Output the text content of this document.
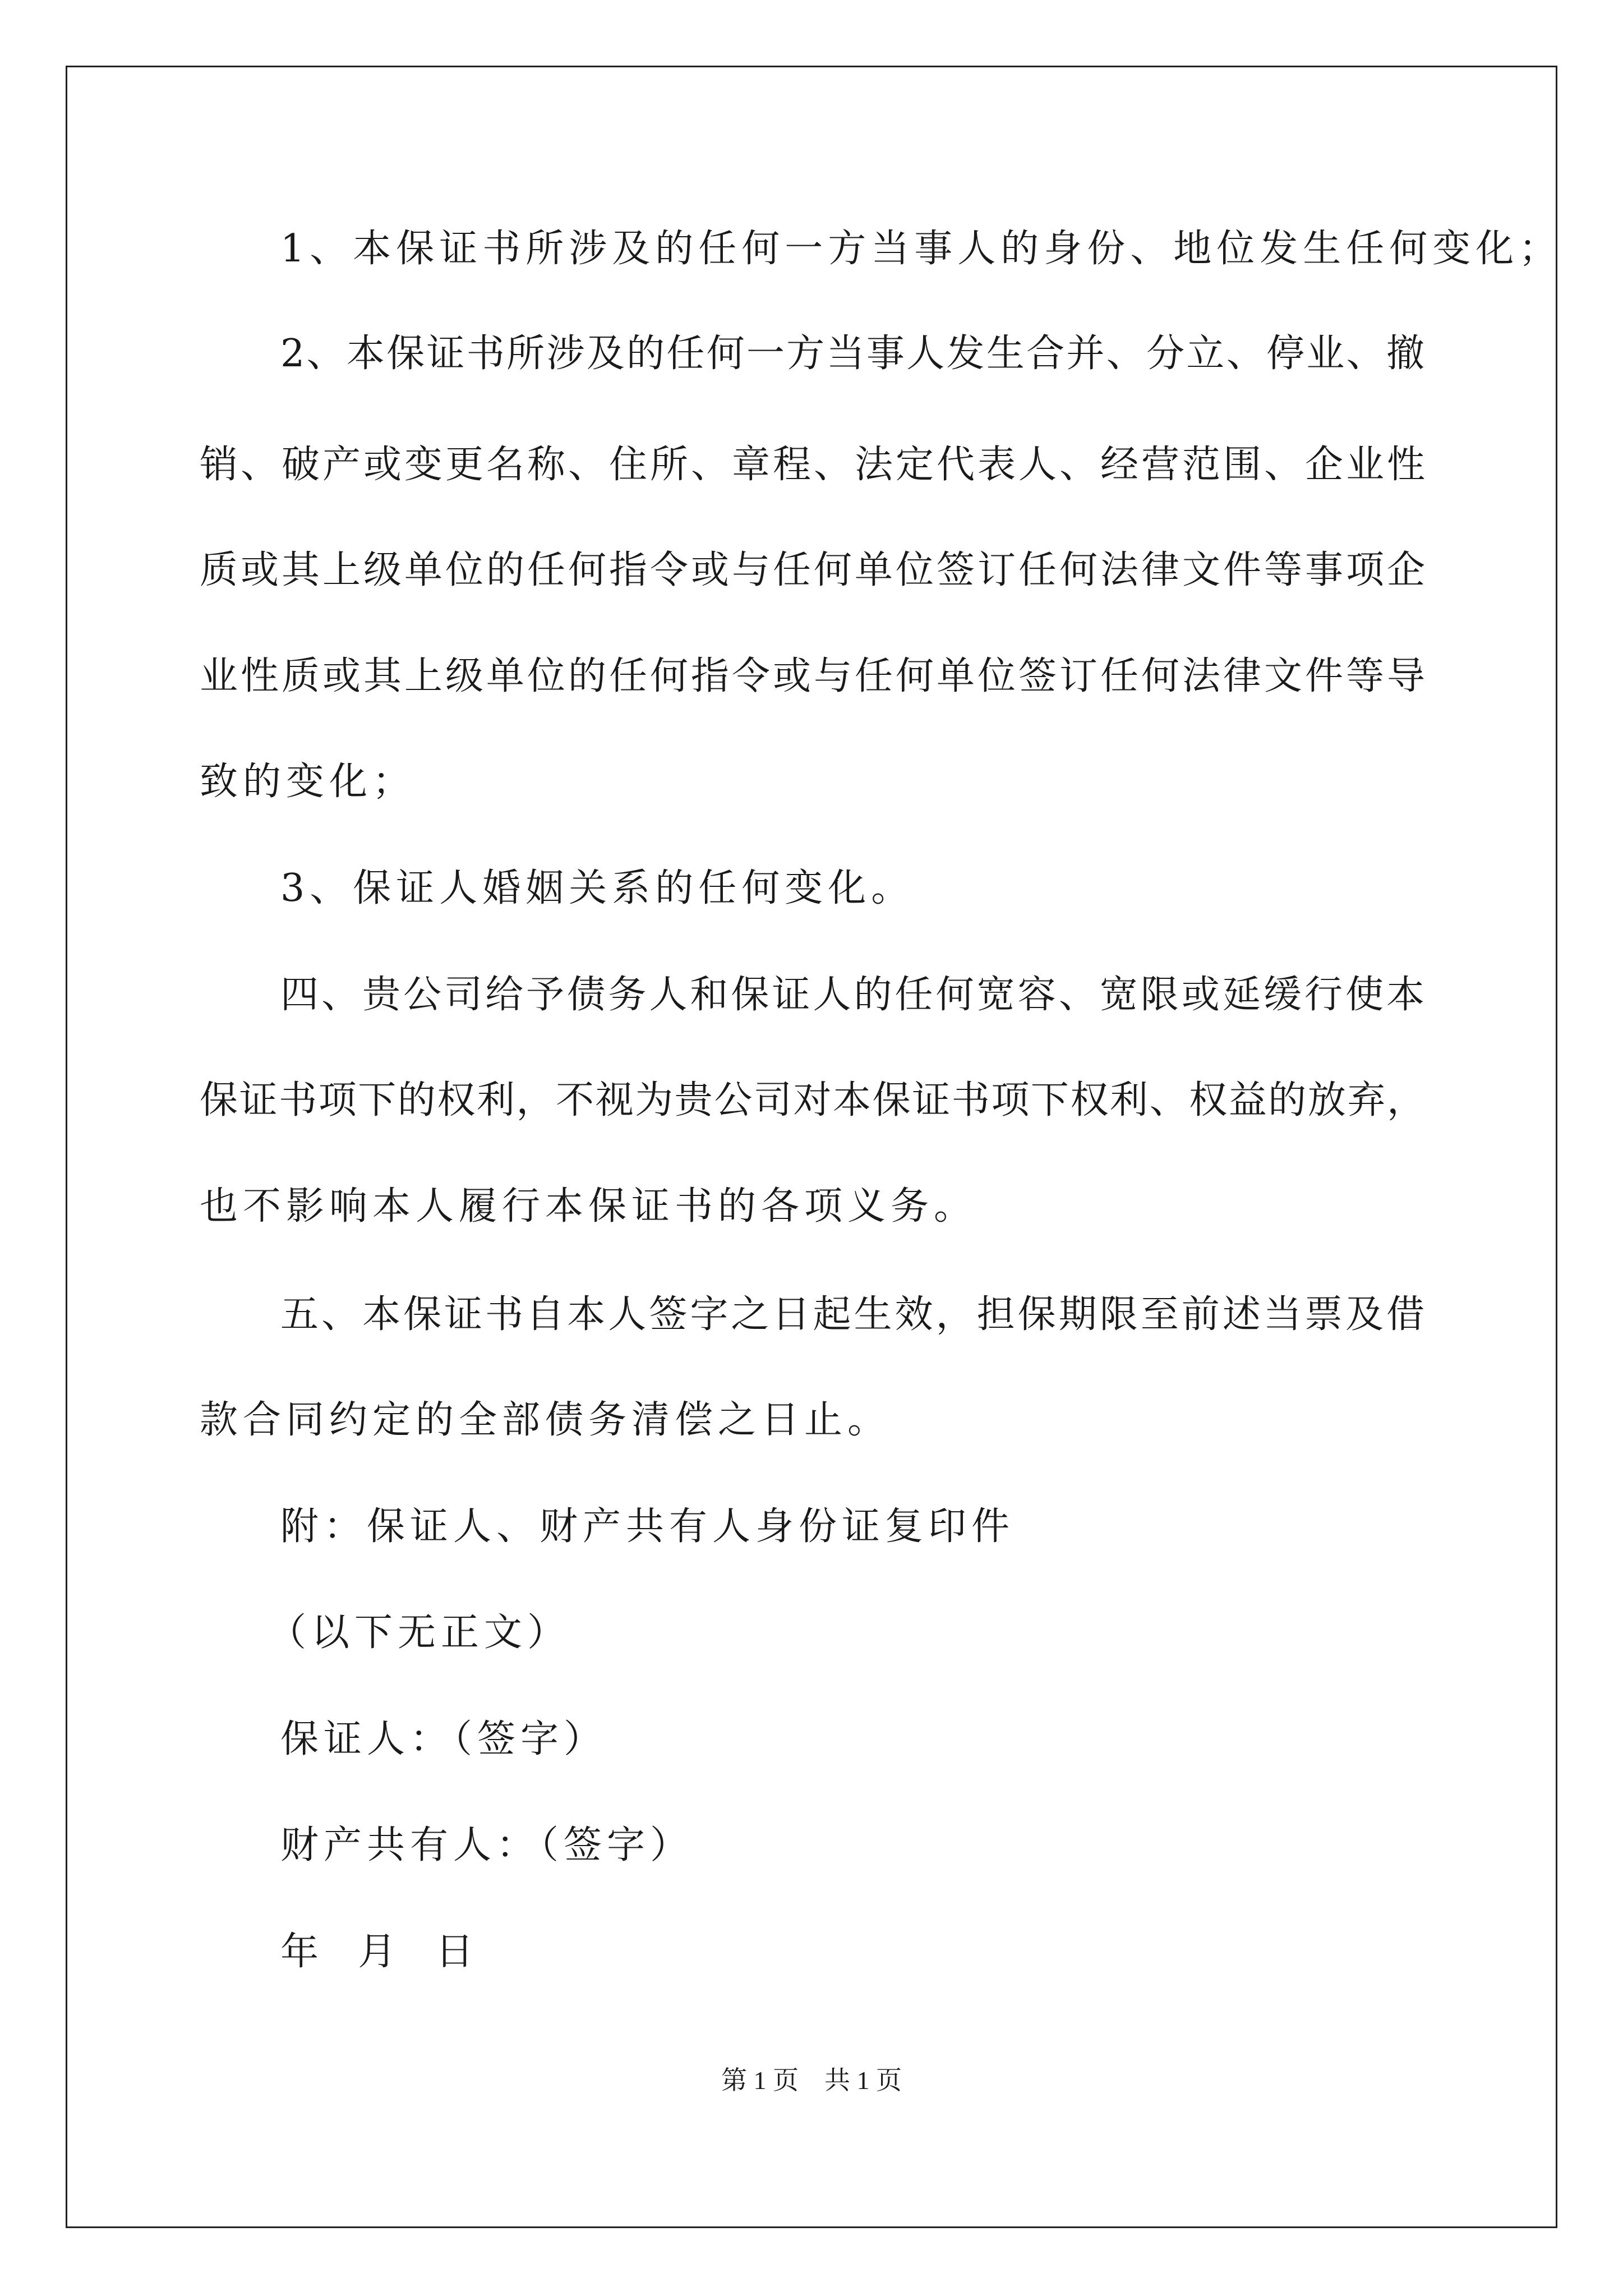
1、本保证书所涉及的任何一方当事人的身份、地位发生任何变化；

2、本保证书所涉及的任何一方当事人发生合并、分立、停业、撤

销、破产或变更名称、住所、章程、法定代表人、经营范围、企业性

质或其上级单位的任何指令或与任何单位签订任何法律文件等事项企

业性质或其上级单位的任何指令或与任何单位签订任何法律文件等导

致的变化；

3、保证人婚姻关系的任何变化。

四、贵公司给予债务人和保证人的任何宽容、宽限或延缓行使本

保证书项下的权利，不视为贵公司对本保证书项下权利、权益的放弃，

也不影响本人履行本保证书的各项义务。

五、本保证书自本人签字之日起生效，担保期限至前述当票及借

款合同约定的全部债务清偿之日止。

附：保证人、财产共有人身份证复印件

（以下无正文）

保证人：（签字）

财产共有人：（签字）

年  月  日

第 1 页    共 1 页
